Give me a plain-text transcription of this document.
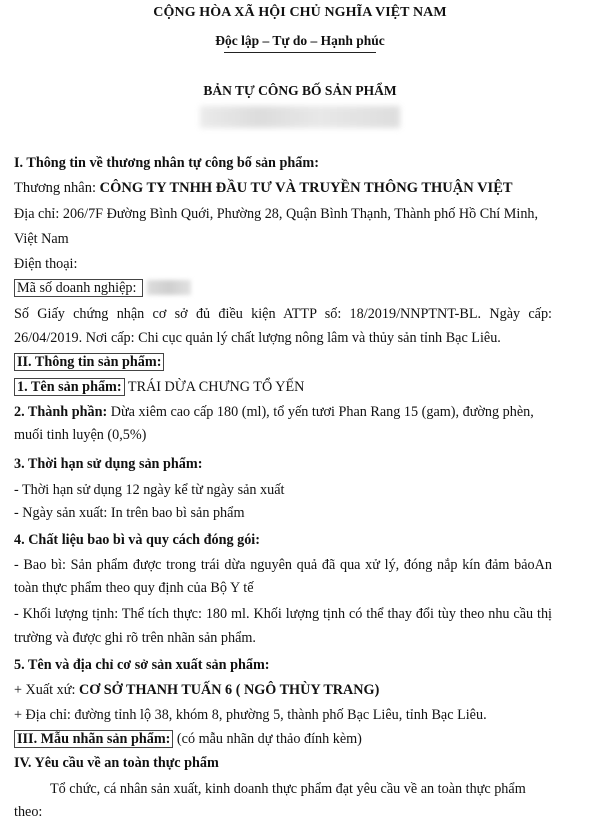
CỘNG HÒA XÃ HỘI CHỦ NGHĨA VIỆT NAM
Độc lập – Tự do – Hạnh phúc
BẢN TỰ CÔNG BỐ SẢN PHẨM
I. Thông tin về thương nhân tự công bố sản phẩm:
Thương nhân: CÔNG TY TNHH ĐẦU TƯ VÀ TRUYỀN THÔNG THUẬN VIỆT
Địa chỉ: 206/7F Đường Bình Quới, Phường 28, Quận Bình Thạnh, Thành phố Hồ Chí Minh,
Việt Nam
Điện thoại:
Mã số doanh nghiệp:
Số Giấy chứng nhận cơ sở đủ điều kiện ATTP số: 18/2019/NNPTNT-BL. Ngày cấp:
26/04/2019. Nơi cấp: Chi cục quản lý chất lượng nông lâm và thủy sản tỉnh Bạc Liêu.
II. Thông tin sản phẩm:
1. Tên sản phẩm: TRÁI DỪA CHƯNG TỔ YẾN
2. Thành phần: Dừa xiêm cao cấp 180 (ml), tổ yến tươi Phan Rang 15 (gam), đường phèn,
muối tinh luyện (0,5%)
3. Thời hạn sử dụng sản phẩm:
- Thời hạn sử dụng 12 ngày kể từ ngày sản xuất
- Ngày sản xuất: In trên bao bì sản phẩm
4. Chất liệu bao bì và quy cách đóng gói:
- Bao bì: Sản phẩm được trong trái dừa nguyên quả đã qua xử lý, đóng nắp kín đảm bảoAn
toàn thực phẩm theo quy định của Bộ Y tế
- Khối lượng tịnh: Thể tích thực: 180 ml. Khối lượng tịnh có thể thay đổi tùy theo nhu cầu thị
trường và được ghi rõ trên nhãn sản phẩm.
5. Tên và địa chỉ cơ sở sản xuất sản phẩm:
+ Xuất xứ: CƠ SỞ THANH TUẤN 6 ( NGÔ THÙY TRANG)
+ Địa chỉ: đường tỉnh lộ 38, khóm 8, phường 5, thành phố Bạc Liêu, tỉnh Bạc Liêu.
III. Mẫu nhãn sản phẩm: (có mẫu nhãn dự thảo đính kèm)
IV. Yêu cầu về an toàn thực phẩm
Tổ chức, cá nhân sản xuất, kinh doanh thực phẩm đạt yêu cầu về an toàn thực phẩm
theo:
